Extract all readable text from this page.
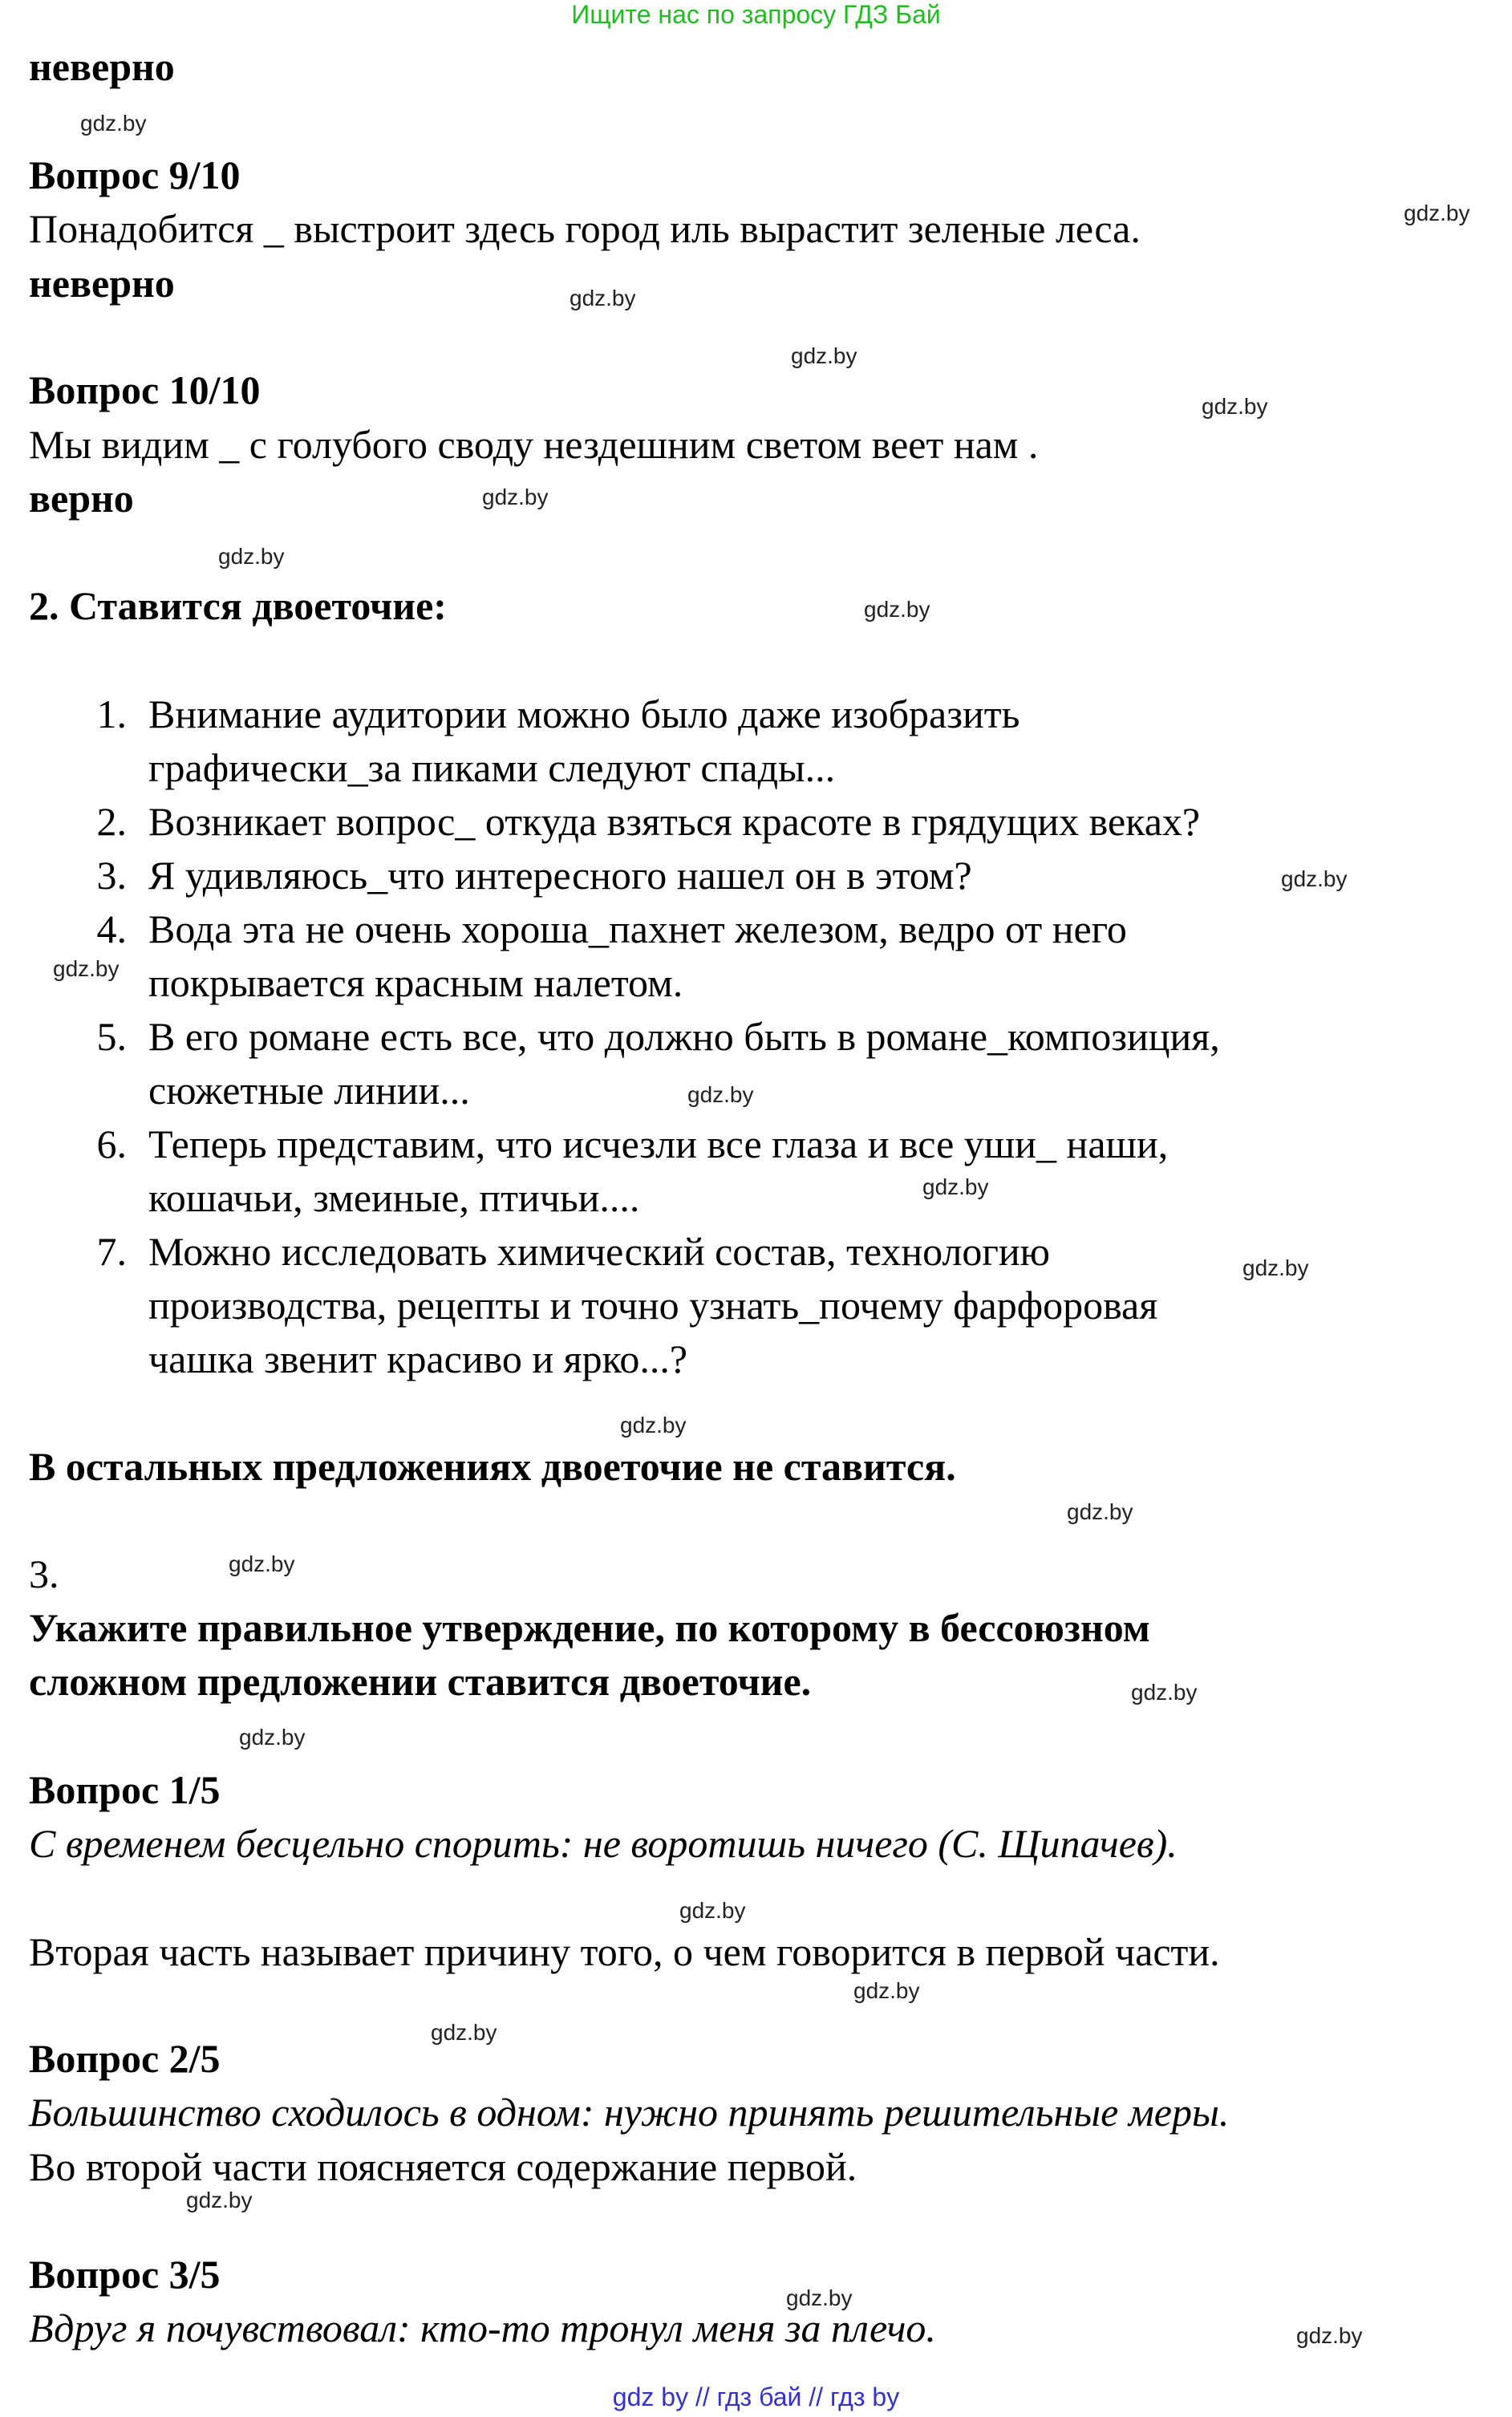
Ищите нас по запросу ГДЗ Бай
gdz by // гдз бай // гдз by
неверно
Вопрос 9/10
Понадобится _ выстроит здесь город иль вырастит зеленые леса.
неверно
Вопрос 10/10
Мы видим _ с голубого своду нездешним светом веет нам .
верно
2. Ставится двоеточие:
1. Внимание аудитории можно было даже изобразить
графически_за пиками следуют спады...
2. Возникает вопрос_ откуда взяться красоте в грядущих веках?
3. Я удивляюсь_что интересного нашел он в этом?
4. Вода эта не очень хороша_пахнет железом, ведро от него
покрывается красным налетом.
5. В его романе есть все, что должно быть в романе_композиция,
сюжетные линии...
6. Теперь представим, что исчезли все глаза и все уши_ наши,
кошачьи, змеиные, птичьи....
7. Можно исследовать химический состав, технологию
производства, рецепты и точно узнать_почему фарфоровая
чашка звенит красиво и ярко...?
В остальных предложениях двоеточие не ставится.
3.
Укажите правильное утверждение, по которому в бессоюзном
сложном предложении ставится двоеточие.
Вопрос 1/5
С временем бесцельно спорить: не воротишь ничего (С. Щипачев).
Вторая часть называет причину того, о чем говорится в первой части.
Вопрос 2/5
Большинство сходилось в одном: нужно принять решительные меры.
Во второй части поясняется содержание первой.
Вопрос 3/5
Вдруг я почувствовал: кто-то тронул меня за плечо.
gdz.by
gdz.by
gdz.by
gdz.by
gdz.by
gdz.by
gdz.by
gdz.by
gdz.by
gdz.by
gdz.by
gdz.by
gdz.by
gdz.by
gdz.by
gdz.by
gdz.by
gdz.by
gdz.by
gdz.by
gdz.by
gdz.by
gdz.by
gdz.by
